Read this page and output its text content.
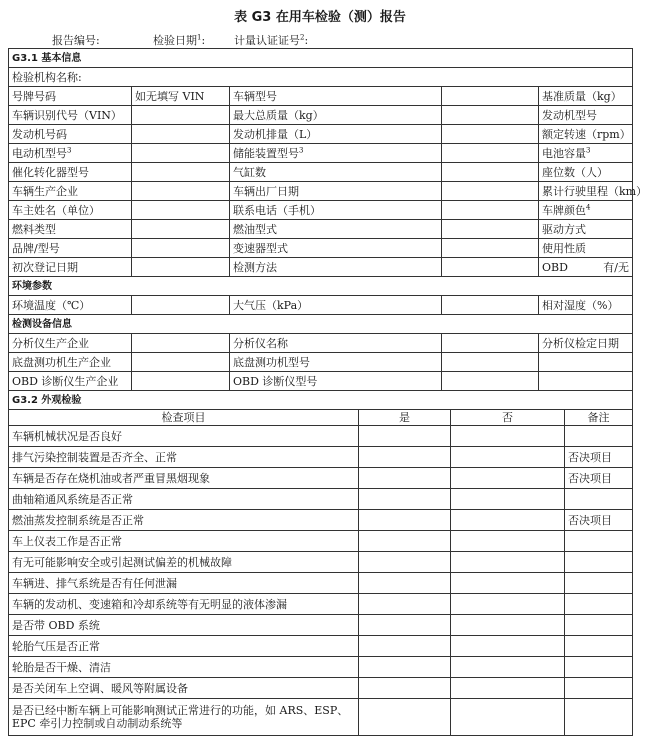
表 G3 在用车检验（测）报告
报告编号:	检验日期$^1$:	计量认证证号$^2$:
G3.1 基本信息				
检验机构名称:				
号牌号码	如无填写 VIN	车辆型号		基准质量（kg）
车辆识别代号（VIN）		最大总质量（kg）		发动机型号
发动机号码		发动机排量（L）		额定转速（rpm）
电动机型号$^3$		储能装置型号$^3$		电池容量$^3$
催化转化器型号		气缸数		座位数（人）
车辆生产企业		车辆出厂日期		累计行驶里程（km）
车主姓名（单位）		联系电话（手机）		车牌颜色$^4$
燃料类型		燃油型式		驱动方式
品牌/型号		变速器型式		使用性质
初次登记日期		检测方法		OBD 有/无

环境参数				
环境温度（℃）		大气压（kPa）		相对湿度（%）
检测设备信息				
分析仪生产企业		分析仪名称		分析仪检定日期
底盘测功机生产企业		底盘测功机型号		
OBD 诊断仪生产企业		OBD 诊断仪型号		
G3.2 外观检验				
检查项目	是	否	备注
车辆机械状况是否良好			
排气污染控制装置是否齐全、正常			否决项目
车辆是否存在烧机油或者严重冒黑烟现象			否决项目
曲轴箱通风系统是否正常			
燃油蒸发控制系统是否正常			否决项目
车上仪表工作是否正常			
有无可能影响安全或引起测试偏差的机械故障			
车辆进、排气系统是否有任何泄漏			
车辆的发动机、变速箱和冷却系统等有无明显的液体渗漏			
是否带 OBD 系统			
轮胎气压是否正常			
轮胎是否干燥、清洁			
是否关闭车上空调、暖风等附属设备			
是否已经中断车辆上可能影响测试正常进行的功能，如 ARS、ESP、EPC 牵引力控制或自动制动系统等			
